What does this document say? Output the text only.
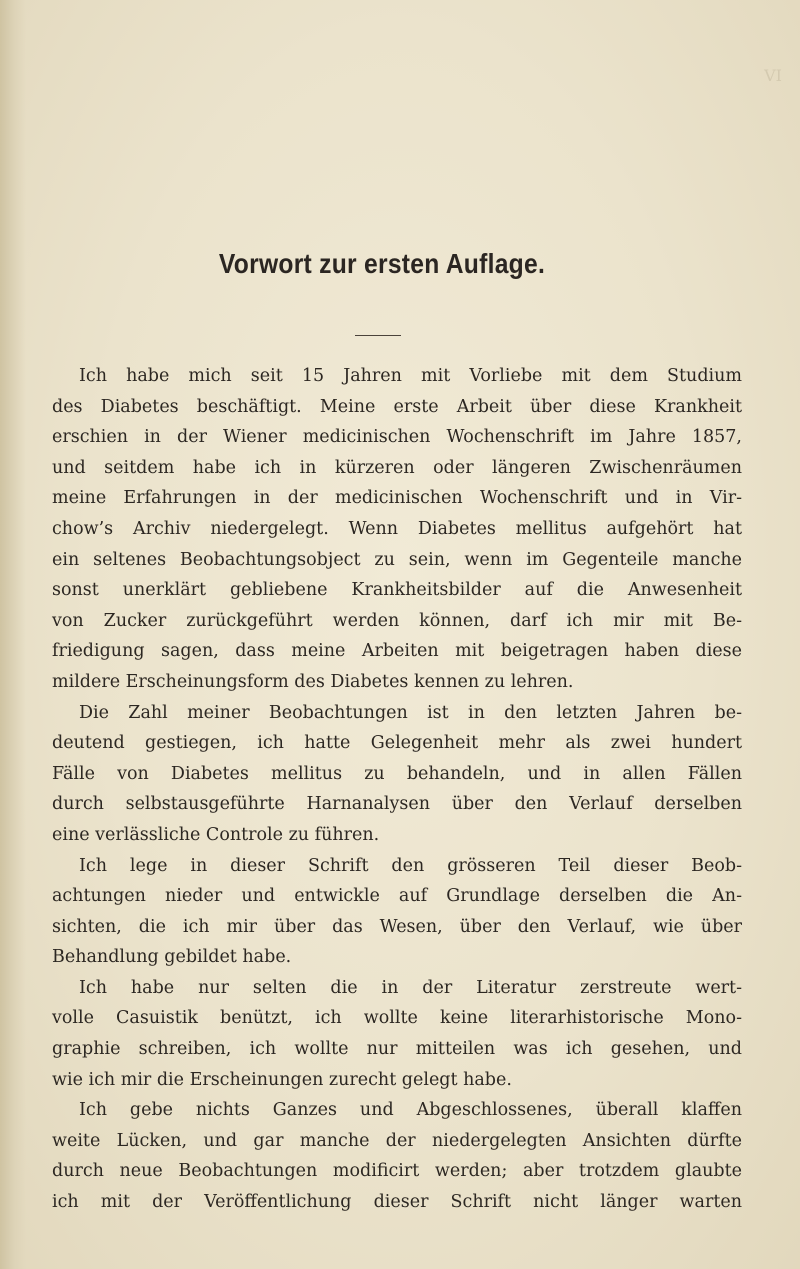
VI
Vorwort zur ersten Auflage.
Ich habe mich seit 15 Jahren mit Vorliebe mit dem Studium
des Diabetes beschäftigt. Meine erste Arbeit über diese Krankheit
erschien in der Wiener medicinischen Wochenschrift im Jahre 1857,
und seitdem habe ich in kürzeren oder längeren Zwischenräumen
meine Erfahrungen in der medicinischen Wochenschrift und in Vir-
chow’s Archiv niedergelegt. Wenn Diabetes mellitus aufgehört hat
ein seltenes Beobachtungsobject zu sein, wenn im Gegenteile manche
sonst unerklärt gebliebene Krankheitsbilder auf die Anwesenheit
von Zucker zurückgeführt werden können, darf ich mir mit Be-
friedigung sagen, dass meine Arbeiten mit beigetragen haben diese
mildere Erscheinungsform des Diabetes kennen zu lehren.
Die Zahl meiner Beobachtungen ist in den letzten Jahren be-
deutend gestiegen, ich hatte Gelegenheit mehr als zwei hundert
Fälle von Diabetes mellitus zu behandeln, und in allen Fällen
durch selbstausgeführte Harnanalysen über den Verlauf derselben
eine verlässliche Controle zu führen.
Ich lege in dieser Schrift den grösseren Teil dieser Beob-
achtungen nieder und entwickle auf Grundlage derselben die An-
sichten, die ich mir über das Wesen, über den Verlauf, wie über
Behandlung gebildet habe.
Ich habe nur selten die in der Literatur zerstreute wert-
volle Casuistik benützt, ich wollte keine literarhistorische Mono-
graphie schreiben, ich wollte nur mitteilen was ich gesehen, und
wie ich mir die Erscheinungen zurecht gelegt habe.
Ich gebe nichts Ganzes und Abgeschlossenes, überall klaffen
weite Lücken, und gar manche der niedergelegten Ansichten dürfte
durch neue Beobachtungen modificirt werden; aber trotzdem glaubte
ich mit der Veröffentlichung dieser Schrift nicht länger warten
